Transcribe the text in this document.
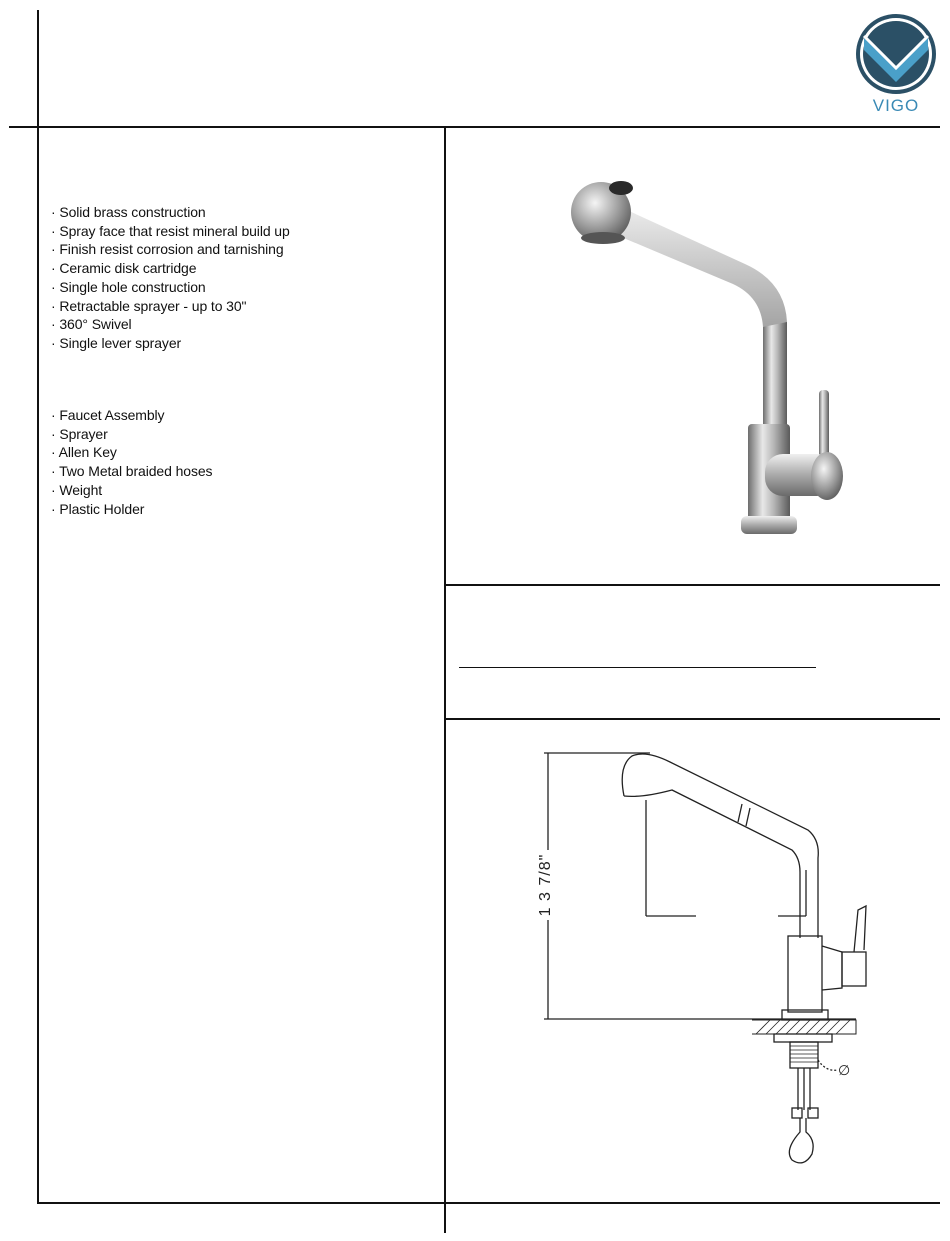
VIGO
· Solid brass construction
· Spray face that resist mineral build up
· Finish resist corrosion and tarnishing
· Ceramic disk cartridge
· Single hole construction
· Retractable sprayer - up to 30"
· 360° Swivel
· Single lever sprayer
· Faucet Assembly
· Sprayer
· Allen Key
· Two Metal braided hoses
· Weight
· Plastic Holder
1 3 7/8"
∅
